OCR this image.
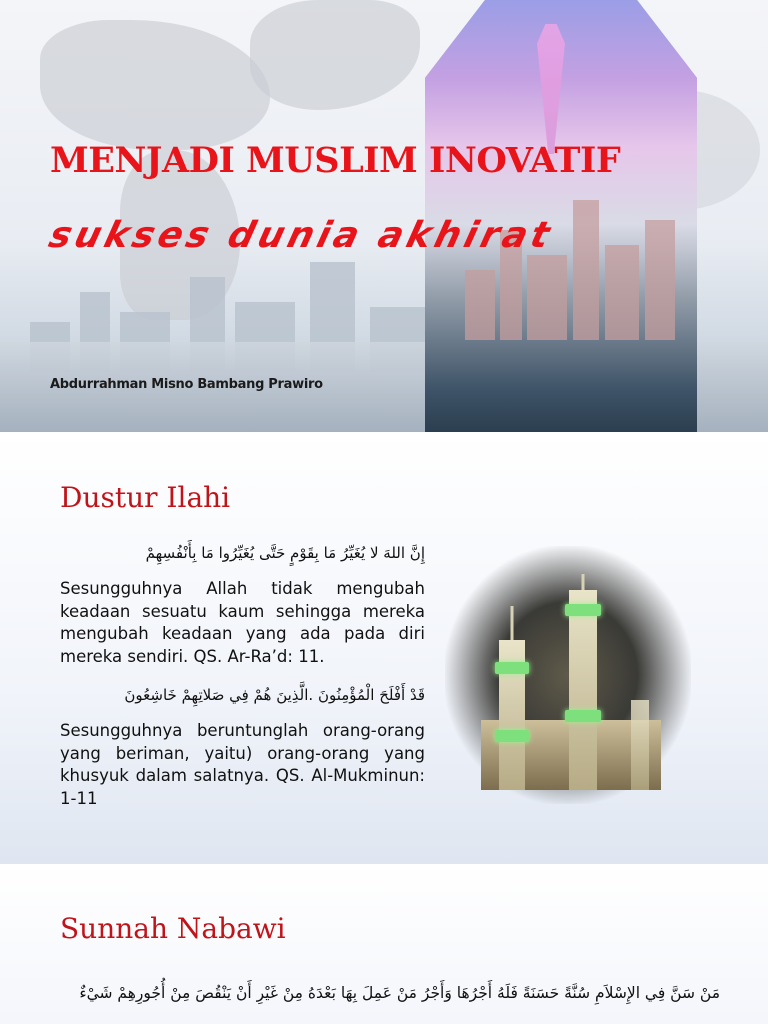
MENJADI MUSLIM INOVATIF
sukses dunia akhirat

Abdurrahman Misno Bambang Prawiro

Dustur Ilahi

إِنَّ اللهَ لا يُغَيِّرُ مَا بِقَوْمٍ حَتَّى يُغَيِّرُوا مَا بِأَنْفُسِهِمْ

Sesungguhnya Allah tidak mengubah keadaan sesuatu kaum sehingga mereka mengubah keadaan yang ada pada diri mereka sendiri. QS. Ar-Ra’d: 11.

قَدْ أَفْلَحَ الْمُؤْمِنُونَ .الَّذِينَ هُمْ فِي صَلاتِهِمْ خَاشِعُونَ

Sesungguhnya beruntunglah orang-orang yang beriman, yaitu) orang-orang yang khusyuk dalam salatnya. QS. Al-Mukminun: 1-11

Sunnah Nabawi

مَنْ سَنَّ فِي الإِسْلاَمِ سُنَّةً حَسَنَةً فَلَهُ أَجْرُهَا وَأَجْرُ مَنْ عَمِلَ بِهَا بَعْدَهُ مِنْ غَيْرِ أَنْ يَنْقُصَ مِنْ أُجُورِهِمْ شَيْءٌ
